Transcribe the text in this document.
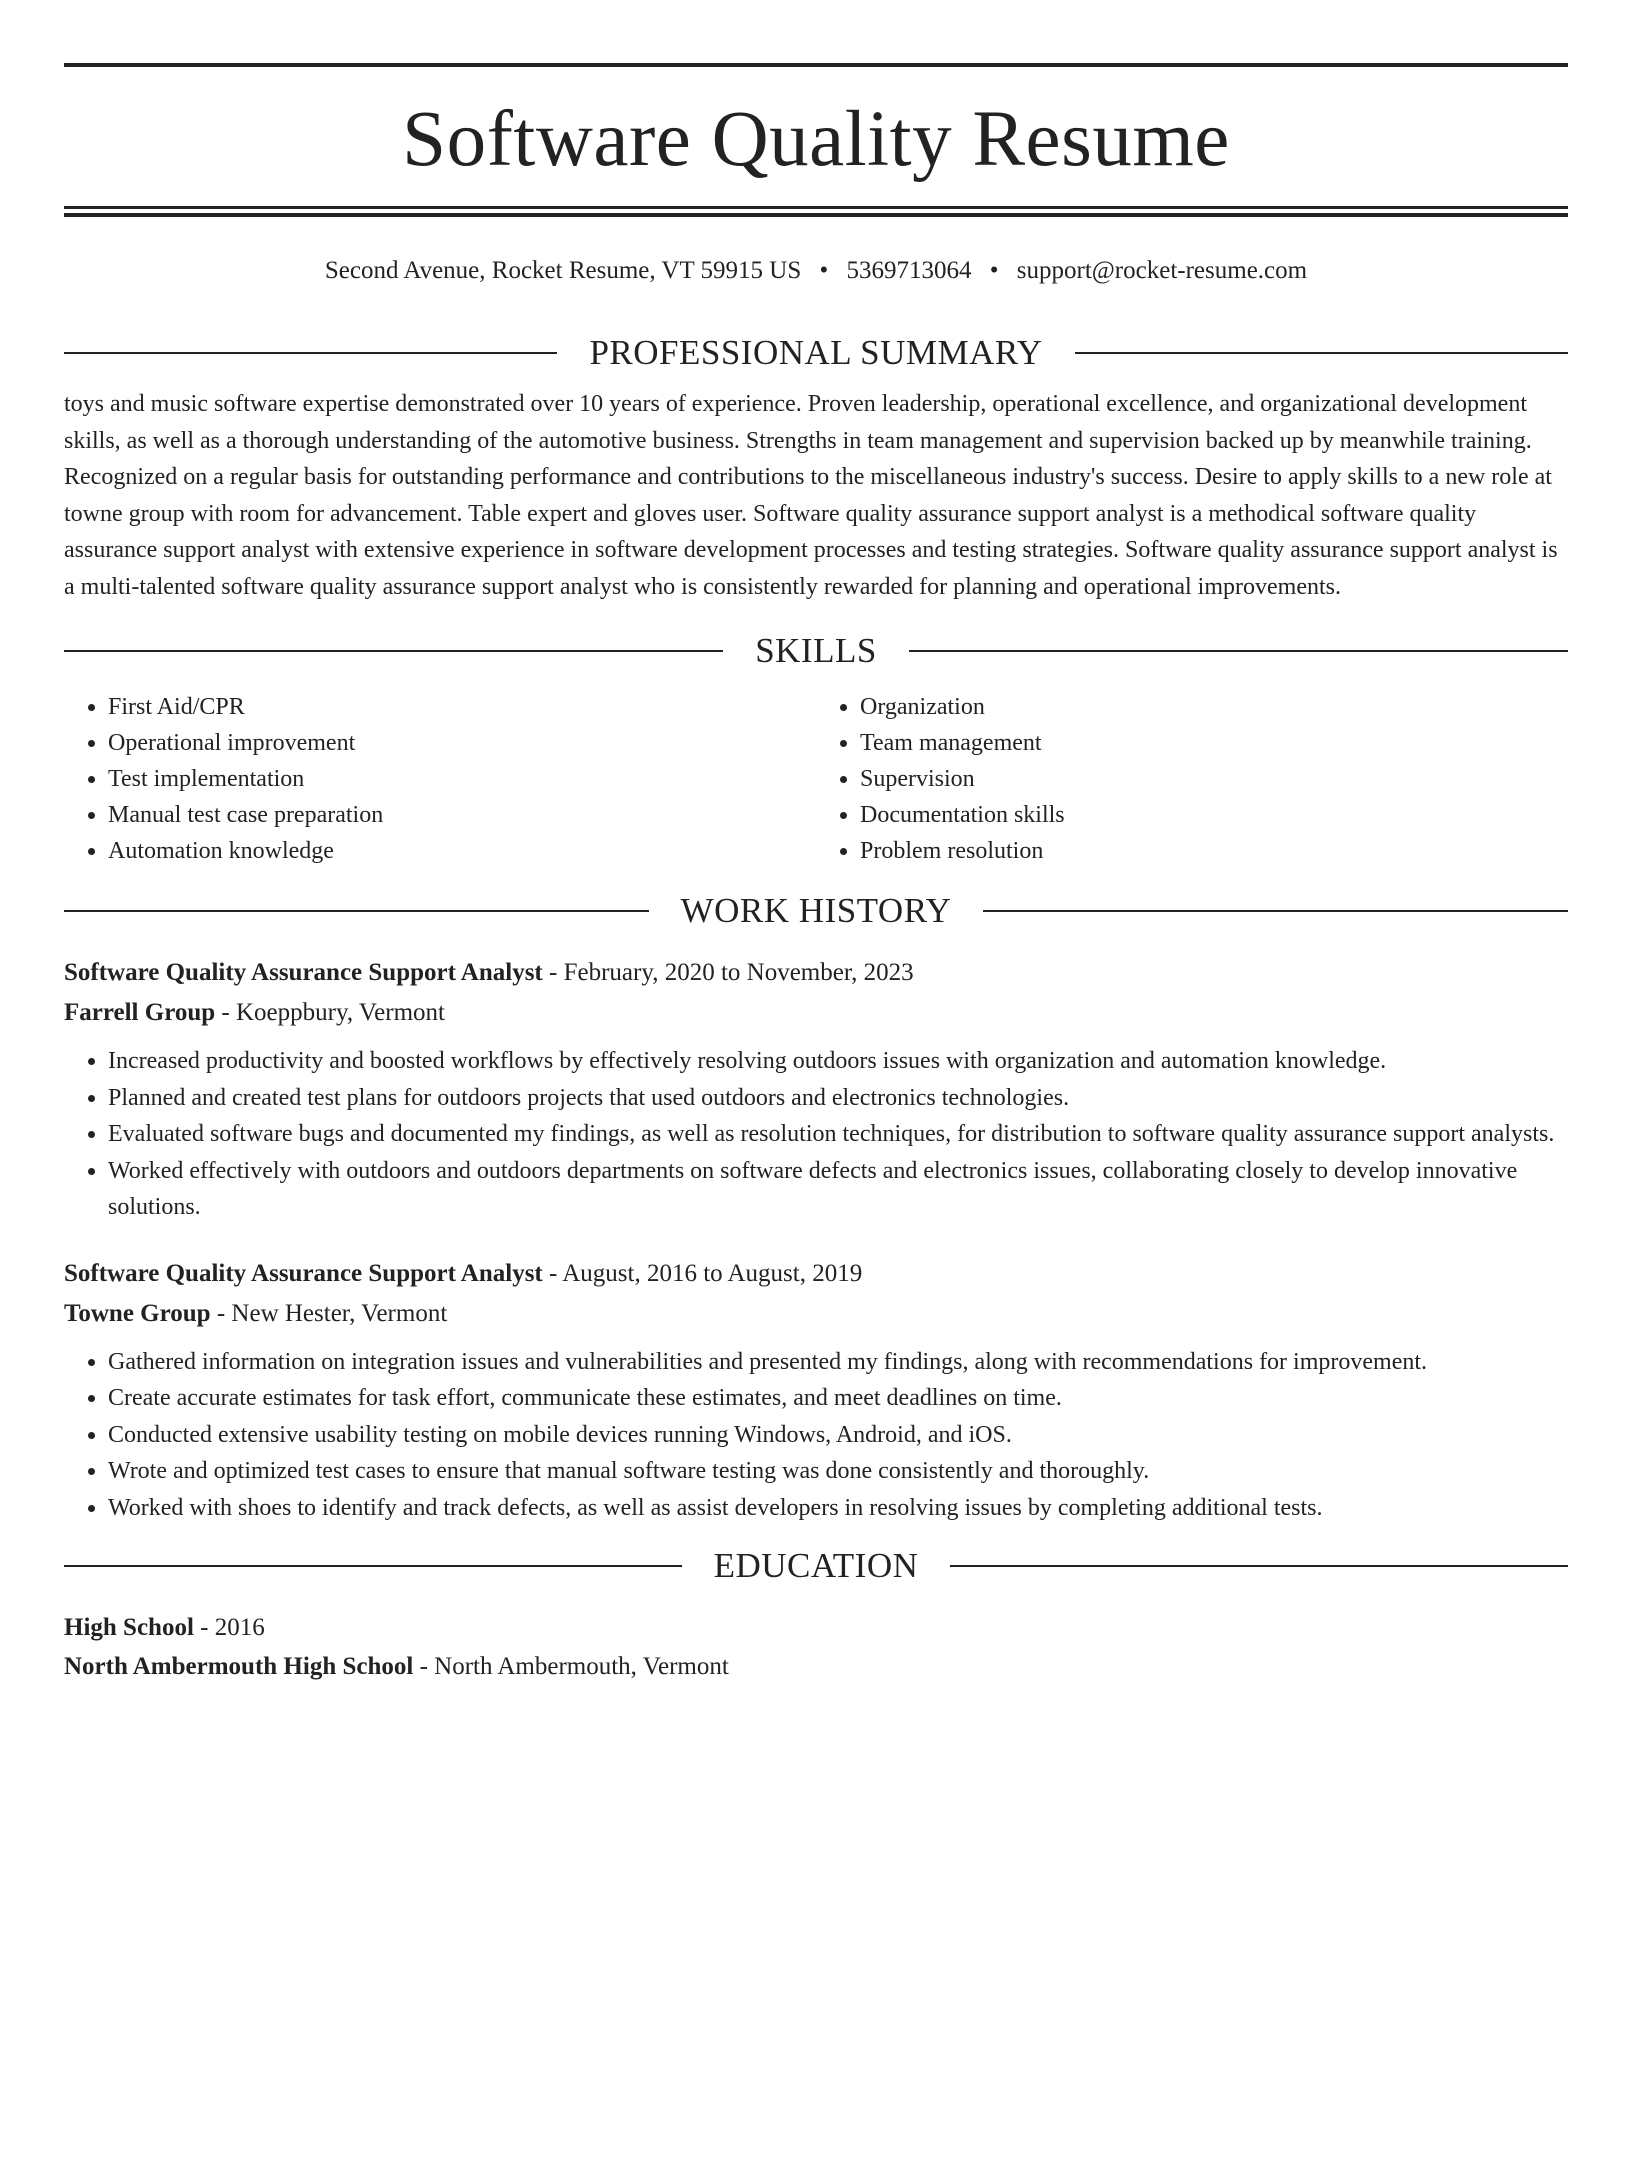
Software Quality Resume
Second Avenue, Rocket Resume, VT 59915 US • 5369713064 • support@rocket-resume.com
PROFESSIONAL SUMMARY
toys and music software expertise demonstrated over 10 years of experience. Proven leadership, operational excellence, and organizational development skills, as well as a thorough understanding of the automotive business. Strengths in team management and supervision backed up by meanwhile training. Recognized on a regular basis for outstanding performance and contributions to the miscellaneous industry's success. Desire to apply skills to a new role at towne group with room for advancement. Table expert and gloves user. Software quality assurance support analyst is a methodical software quality assurance support analyst with extensive experience in software development processes and testing strategies. Software quality assurance support analyst is a multi-talented software quality assurance support analyst who is consistently rewarded for planning and operational improvements.
SKILLS
• First Aid/CPR
• Operational improvement
• Test implementation
• Manual test case preparation
• Automation knowledge
• Organization
• Team management
• Supervision
• Documentation skills
• Problem resolution
WORK HISTORY
Software Quality Assurance Support Analyst - February, 2020 to November, 2023
Farrell Group - Koeppbury, Vermont
• Increased productivity and boosted workflows by effectively resolving outdoors issues with organization and automation knowledge.
• Planned and created test plans for outdoors projects that used outdoors and electronics technologies.
• Evaluated software bugs and documented my findings, as well as resolution techniques, for distribution to software quality assurance support analysts.
• Worked effectively with outdoors and outdoors departments on software defects and electronics issues, collaborating closely to develop innovative solutions.
Software Quality Assurance Support Analyst - August, 2016 to August, 2019
Towne Group - New Hester, Vermont
• Gathered information on integration issues and vulnerabilities and presented my findings, along with recommendations for improvement.
• Create accurate estimates for task effort, communicate these estimates, and meet deadlines on time.
• Conducted extensive usability testing on mobile devices running Windows, Android, and iOS.
• Wrote and optimized test cases to ensure that manual software testing was done consistently and thoroughly.
• Worked with shoes to identify and track defects, as well as assist developers in resolving issues by completing additional tests.
EDUCATION
High School - 2016
North Ambermouth High School - North Ambermouth, Vermont
